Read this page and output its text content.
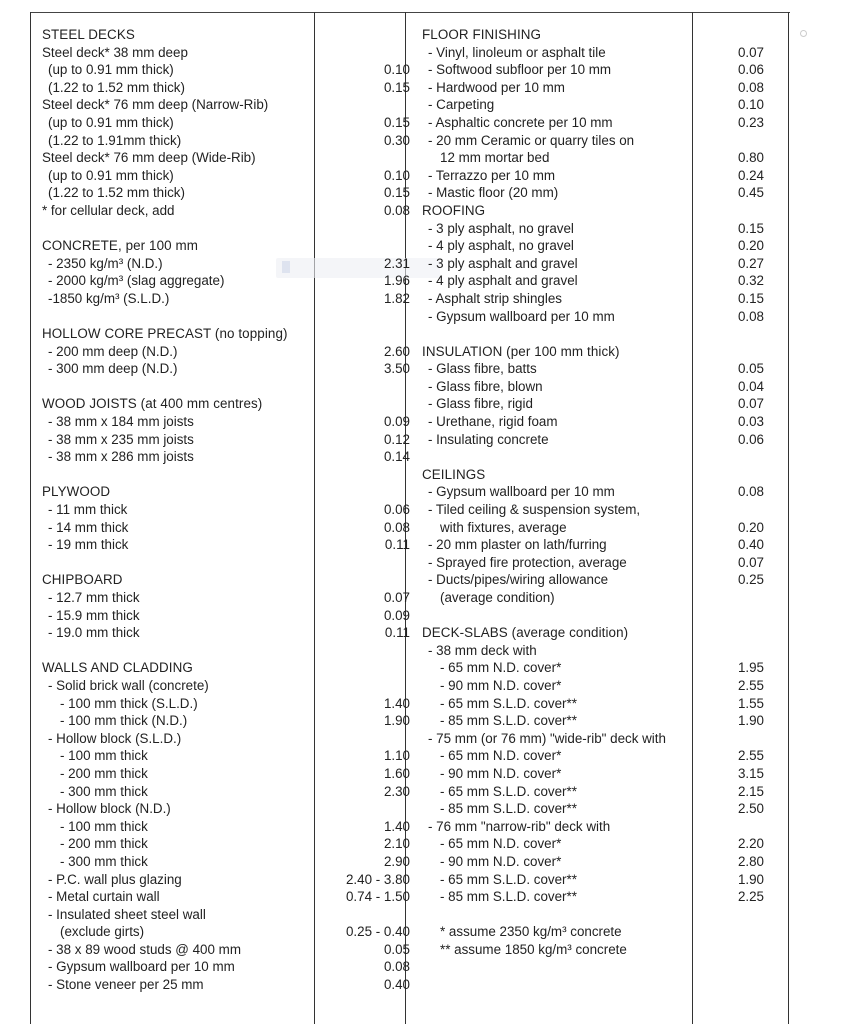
STEEL DECKS
Steel deck* 38 mm deep
(up to 0.91 mm thick)	0.10
(1.22 to 1.52 mm thick)	0.15
Steel deck* 76 mm deep (Narrow-Rib)
(up to 0.91 mm thick)	0.15
(1.22 to 1.91mm thick)	0.30
Steel deck* 76 mm deep (Wide-Rib)
(up to 0.91 mm thick)	0.10
(1.22 to 1.52 mm thick)	0.15
* for cellular deck, add	0.08
CONCRETE, per 100 mm
- 2350 kg/m³ (N.D.)	2.31
- 2000 kg/m³ (slag aggregate)	1.96
-1850 kg/m³ (S.L.D.)	1.82
HOLLOW CORE PRECAST (no topping)
- 200 mm deep (N.D.)	2.60
- 300 mm deep (N.D.)	3.50
WOOD JOISTS (at 400 mm centres)
- 38 mm x 184 mm joists	0.09
- 38 mm x 235 mm joists	0.12
- 38 mm x 286 mm joists	0.14
PLYWOOD
- 11 mm thick	0.06
- 14 mm thick	0.08
- 19 mm thick	0.11
CHIPBOARD
- 12.7 mm thick	0.07
- 15.9 mm thick	0.09
- 19.0 mm thick	0.11
WALLS AND CLADDING
- Solid brick wall (concrete)
- 100 mm thick (S.L.D.)	1.40
- 100 mm thick (N.D.)	1.90
- Hollow block (S.L.D.)
- 100 mm thick	1.10
- 200 mm thick	1.60
- 300 mm thick	2.30
- Hollow block (N.D.)
- 100 mm thick	1.40
- 200 mm thick	2.10
- 300 mm thick	2.90
- P.C. wall plus glazing	2.40 - 3.80
- Metal curtain wall	0.74 - 1.50
- Insulated sheet steel wall
(exclude girts)	0.25 - 0.40
- 38 x 89 wood studs @ 400 mm	0.05
- Gypsum wallboard per 10 mm	0.08
- Stone veneer per 25 mm	0.40
FLOOR FINISHING
- Vinyl, linoleum or asphalt tile	0.07
- Softwood subfloor per 10 mm	0.06
- Hardwood per 10 mm	0.08
- Carpeting	0.10
- Asphaltic concrete per 10 mm	0.23
- 20 mm Ceramic or quarry tiles on
12 mm mortar bed	0.80
- Terrazzo per 10 mm	0.24
- Mastic floor (20 mm)	0.45
ROOFING
- 3 ply asphalt, no gravel	0.15
- 4 ply asphalt, no gravel	0.20
- 3 ply asphalt and gravel	0.27
- 4 ply asphalt and gravel	0.32
- Asphalt strip shingles	0.15
- Gypsum wallboard per 10 mm	0.08
INSULATION (per 100 mm thick)
- Glass fibre, batts	0.05
- Glass fibre, blown	0.04
- Glass fibre, rigid	0.07
- Urethane, rigid foam	0.03
- Insulating concrete	0.06
CEILINGS
- Gypsum wallboard per 10 mm	0.08
- Tiled ceiling & suspension system,
with fixtures, average	0.20
- 20 mm plaster on lath/furring	0.40
- Sprayed fire protection, average	0.07
- Ducts/pipes/wiring allowance	0.25
(average condition)
DECK-SLABS (average condition)
- 38 mm deck with
- 65 mm N.D. cover*	1.95
- 90 mm N.D. cover*	2.55
- 65 mm S.L.D. cover**	1.55
- 85 mm S.L.D. cover**	1.90
- 75 mm (or 76 mm) "wide-rib" deck with
- 65 mm N.D. cover*	2.55
- 90 mm N.D. cover*	3.15
- 65 mm S.L.D. cover**	2.15
- 85 mm S.L.D. cover**	2.50
- 76 mm "narrow-rib" deck with
- 65 mm N.D. cover*	2.20
- 90 mm N.D. cover*	2.80
- 65 mm S.L.D. cover**	1.90
- 85 mm S.L.D. cover**	2.25
* assume 2350 kg/m³ concrete
** assume 1850 kg/m³ concrete
